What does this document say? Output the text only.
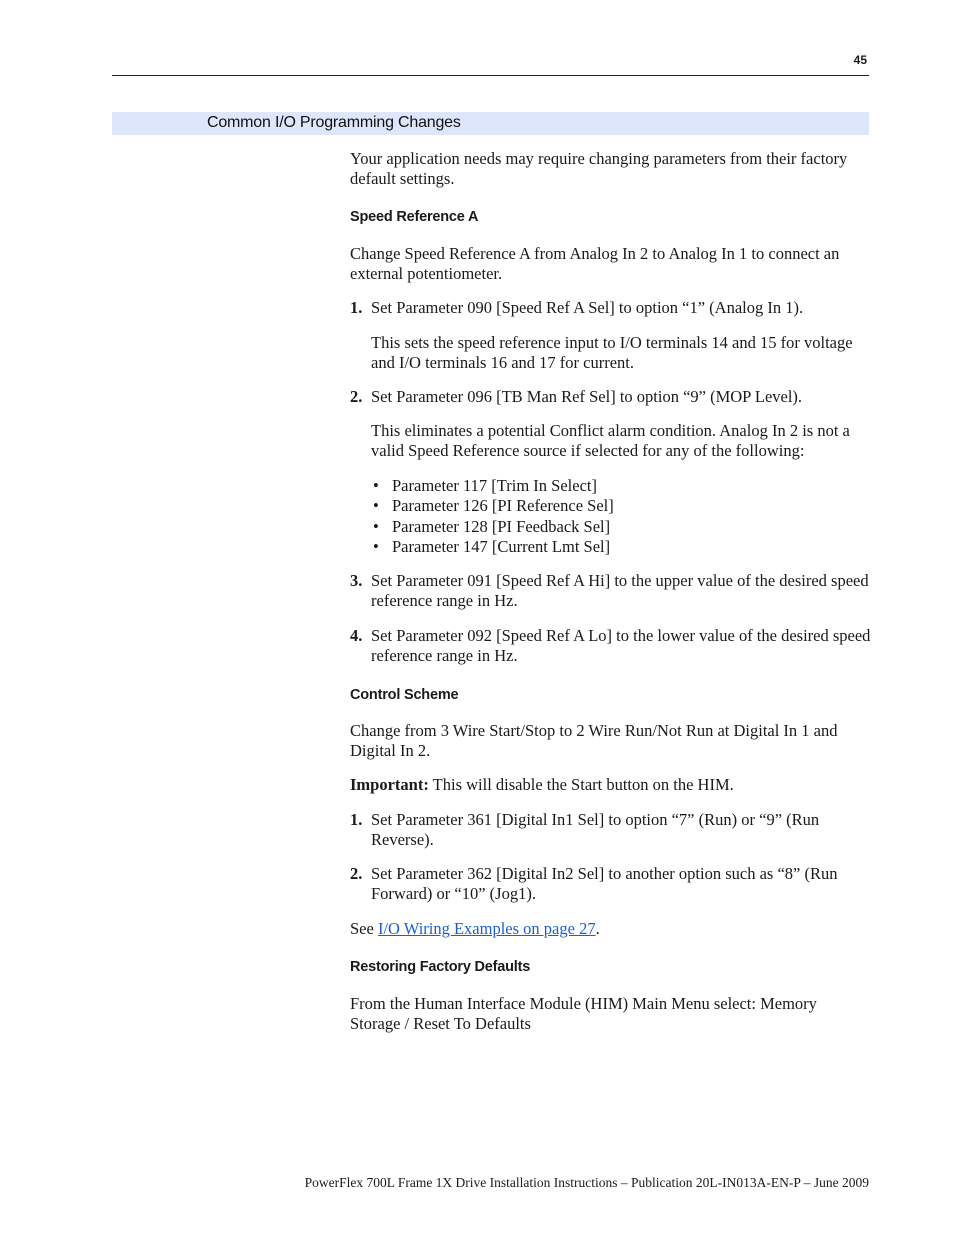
45
Common I/O Programming Changes

Your application needs may require changing parameters from their factory default settings.

Speed Reference A

Change Speed Reference A from Analog In 2 to Analog In 1 to connect an external potentiometer.

1. Set Parameter 090 [Speed Ref A Sel] to option “1” (Analog In 1).
This sets the speed reference input to I/O terminals 14 and 15 for voltage and I/O terminals 16 and 17 for current.
2. Set Parameter 096 [TB Man Ref Sel] to option “9” (MOP Level).
This eliminates a potential Conflict alarm condition. Analog In 2 is not a valid Speed Reference source if selected for any of the following:
• Parameter 117 [Trim In Select]
• Parameter 126 [PI Reference Sel]
• Parameter 128 [PI Feedback Sel]
• Parameter 147 [Current Lmt Sel]
3. Set Parameter 091 [Speed Ref A Hi] to the upper value of the desired speed reference range in Hz.
4. Set Parameter 092 [Speed Ref A Lo] to the lower value of the desired speed reference range in Hz.
Control Scheme

Change from 3 Wire Start/Stop to 2 Wire Run/Not Run at Digital In 1 and Digital In 2.

Important: This will disable the Start button on the HIM.

1. Set Parameter 361 [Digital In1 Sel] to option “7” (Run) or “9” (Run Reverse).
2. Set Parameter 362 [Digital In2 Sel] to another option such as “8” (Run Forward) or “10” (Jog1).

See I/O Wiring Examples on page 27.

Restoring Factory Defaults

From the Human Interface Module (HIM) Main Menu select: Memory Storage / Reset To Defaults

PowerFlex 700L Frame 1X Drive Installation Instructions – Publication 20L-IN013A-EN-P – June 2009
